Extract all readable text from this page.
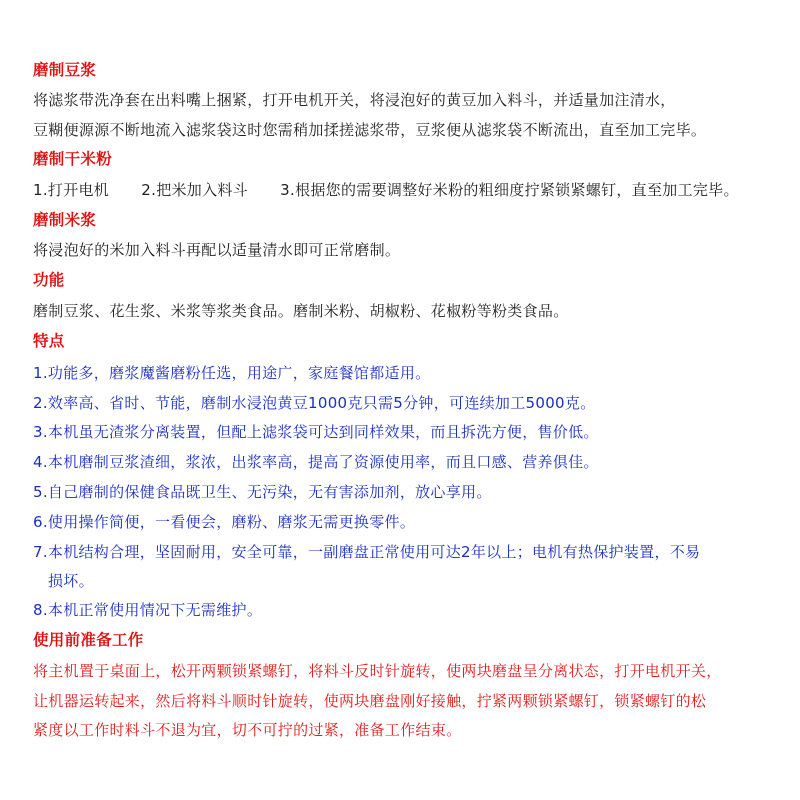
磨制豆浆
将滤浆带洗净套在出料嘴上捆紧，打开电机开关，将浸泡好的黄豆加入料斗，并适量加注清水，
豆糊便源源不断地流入滤浆袋这时您需稍加揉搓滤浆带，豆浆便从滤浆袋不断流出，直至加工完毕。
磨制干米粉
1.打开电机 2.把米加入料斗 3.根据您的需要调整好米粉的粗细度拧紧锁紧螺钉，直至加工完毕。
磨制米浆
将浸泡好的米加入料斗再配以适量清水即可正常磨制。
功能
磨制豆浆、花生浆、米浆等浆类食品。磨制米粉、胡椒粉、花椒粉等粉类食品。
特点
1.功能多，磨浆魔酱磨粉任选，用途广，家庭餐馆都适用。
2.效率高、省时、节能，磨制水浸泡黄豆1000克只需5分钟，可连续加工5000克。
3.本机虽无渣浆分离装置，但配上滤浆袋可达到同样效果，而且拆洗方便，售价低。
4.本机磨制豆浆渣细，浆浓，出浆率高，提高了资源使用率，而且口感、营养俱佳。
5.自己磨制的保健食品既卫生、无污染，无有害添加剂，放心享用。
6.使用操作简便，一看便会，磨粉、磨浆无需更换零件。
7.本机结构合理，坚固耐用，安全可靠，一副磨盘正常使用可达2年以上；电机有热保护装置，不易
损坏。
8.本机正常使用情况下无需维护。
使用前准备工作
将主机置于桌面上，松开两颗锁紧螺钉，将料斗反时针旋转，使两块磨盘呈分离状态，打开电机开关，
让机器运转起来，然后将料斗顺时针旋转，使两块磨盘刚好接触，拧紧两颗锁紧螺钉，锁紧螺钉的松
紧度以工作时料斗不退为宜，切不可拧的过紧，准备工作结束。
